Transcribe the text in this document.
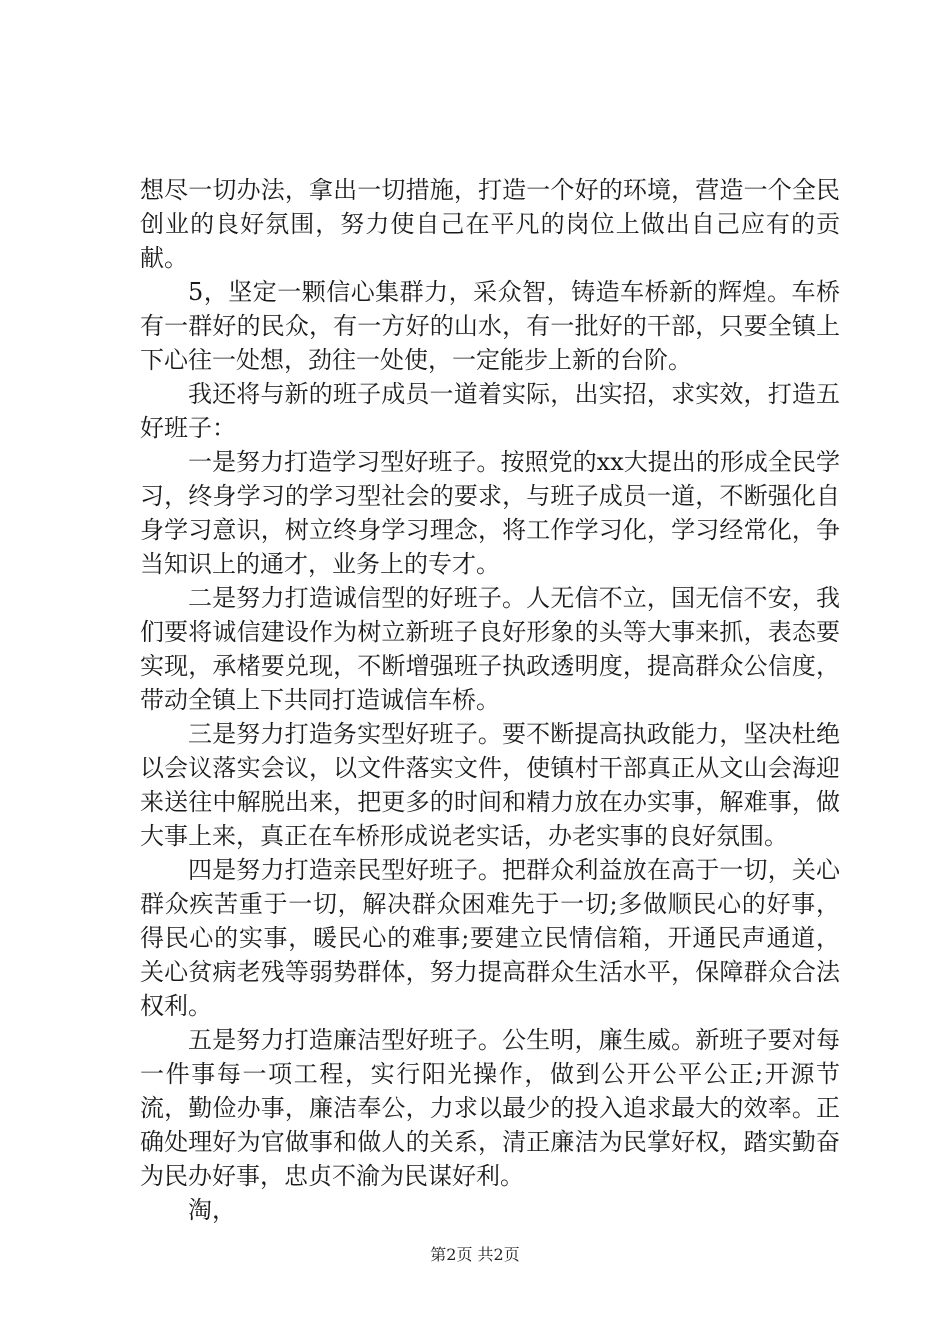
想尽一切办法，拿出一切措施，打造一个好的环境，营造一个全民创业的良好氛围，努力使自己在平凡的岗位上做出自己应有的贡献。

5，坚定一颗信心集群力，采众智，铸造车桥新的辉煌。车桥有一群好的民众，有一方好的山水，有一批好的干部，只要全镇上下心往一处想，劲往一处使，一定能步上新的台阶。

我还将与新的班子成员一道着实际，出实招，求实效，打造五好班子：

一是努力打造学习型好班子。按照党的xx大提出的形成全民学习，终身学习的学习型社会的要求，与班子成员一道，不断强化自身学习意识，树立终身学习理念，将工作学习化，学习经常化，争当知识上的通才，业务上的专才。

二是努力打造诚信型的好班子。人无信不立，国无信不安，我们要将诚信建设作为树立新班子良好形象的头等大事来抓，表态要实现，承楮要兑现，不断增强班子执政透明度，提高群众公信度，带动全镇上下共同打造诚信车桥。

三是努力打造务实型好班子。要不断提高执政能力，坚决杜绝以会议落实会议，以文件落实文件，使镇村干部真正从文山会海迎来送往中解脱出来，把更多的时间和精力放在办实事，解难事，做大事上来，真正在车桥形成说老实话，办老实事的良好氛围。

四是努力打造亲民型好班子。把群众利益放在高于一切，关心群众疾苦重于一切，解决群众困难先于一切;多做顺民心的好事，得民心的实事，暖民心的难事;要建立民情信箱，开通民声通道，关心贫病老残等弱势群体，努力提高群众生活水平，保障群众合法权利。

五是努力打造廉洁型好班子。公生明，廉生威。新班子要对每一件事每一项工程，实行阳光操作，做到公开公平公正;开源节流，勤俭办事，廉洁奉公，力求以最少的投入追求最大的效率。正确处理好为官做事和做人的关系，清正廉洁为民掌好权，踏实勤奋为民办好事，忠贞不渝为民谋好利。

淘，

第2页 共2页
